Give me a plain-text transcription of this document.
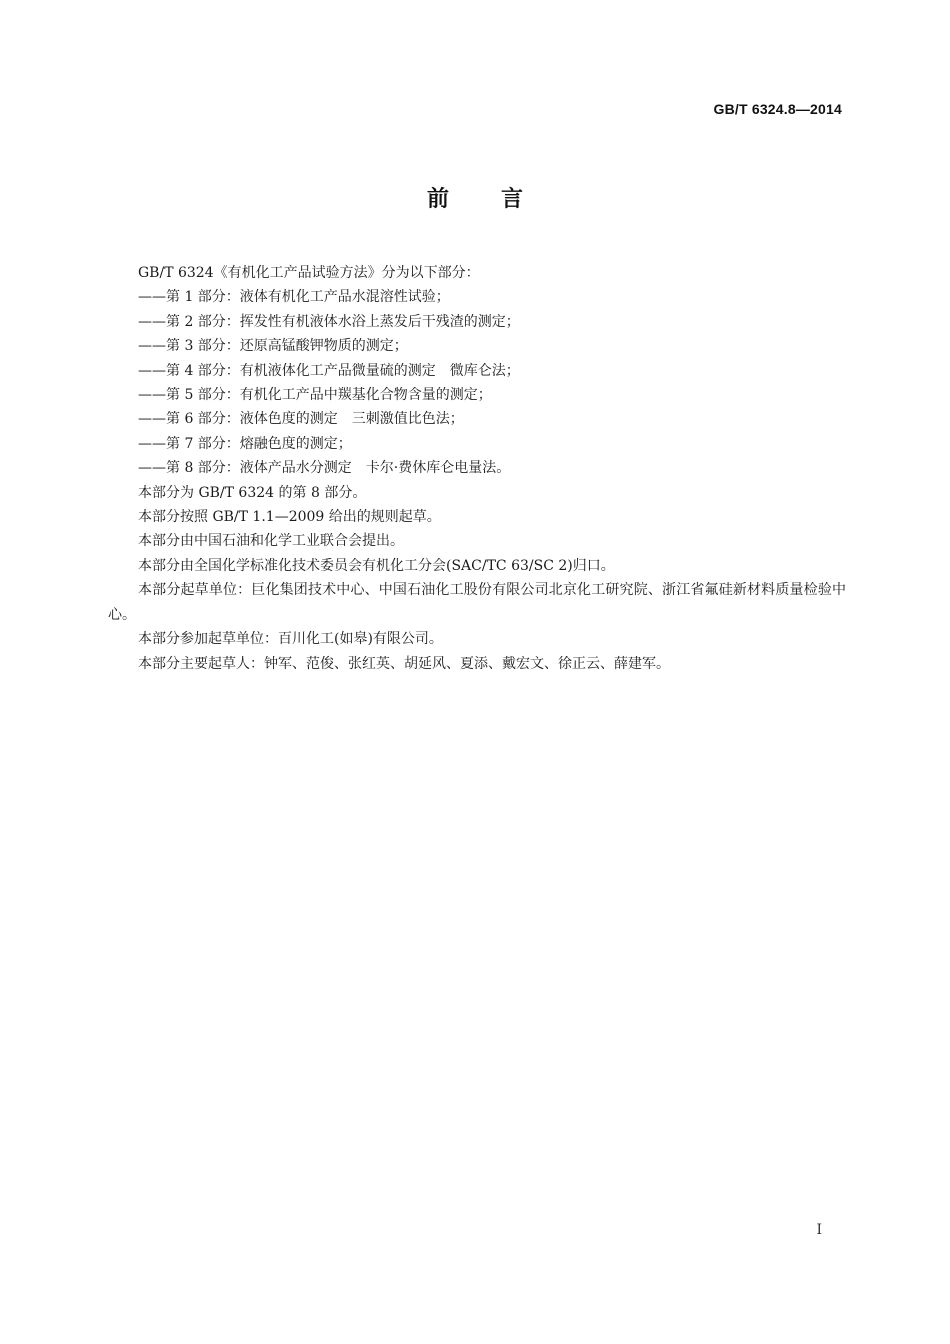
GB/T 6324.8—2014
前言

GB/T 6324《有机化工产品试验方法》分为以下部分：

——第 1 部分：液体有机化工产品水混溶性试验；

——第 2 部分：挥发性有机液体水浴上蒸发后干残渣的测定；

——第 3 部分：还原高锰酸钾物质的测定；

——第 4 部分：有机液体化工产品微量硫的测定　微库仑法；

——第 5 部分：有机化工产品中羰基化合物含量的测定；

——第 6 部分：液体色度的测定　三刺激值比色法；

——第 7 部分：熔融色度的测定；

——第 8 部分：液体产品水分测定　卡尔·费休库仑电量法。

本部分为 GB/T 6324 的第 8 部分。

本部分按照 GB/T 1.1—2009 给出的规则起草。

本部分由中国石油和化学工业联合会提出。

本部分由全国化学标准化技术委员会有机化工分会(SAC/TC 63/SC 2)归口。

本部分起草单位：巨化集团技术中心、中国石油化工股份有限公司北京化工研究院、浙江省氟硅新材料质量检验中心。

本部分参加起草单位：百川化工(如皋)有限公司。

本部分主要起草人：钟军、范俊、张红英、胡延风、夏添、戴宏文、徐正云、薛建军。

I
